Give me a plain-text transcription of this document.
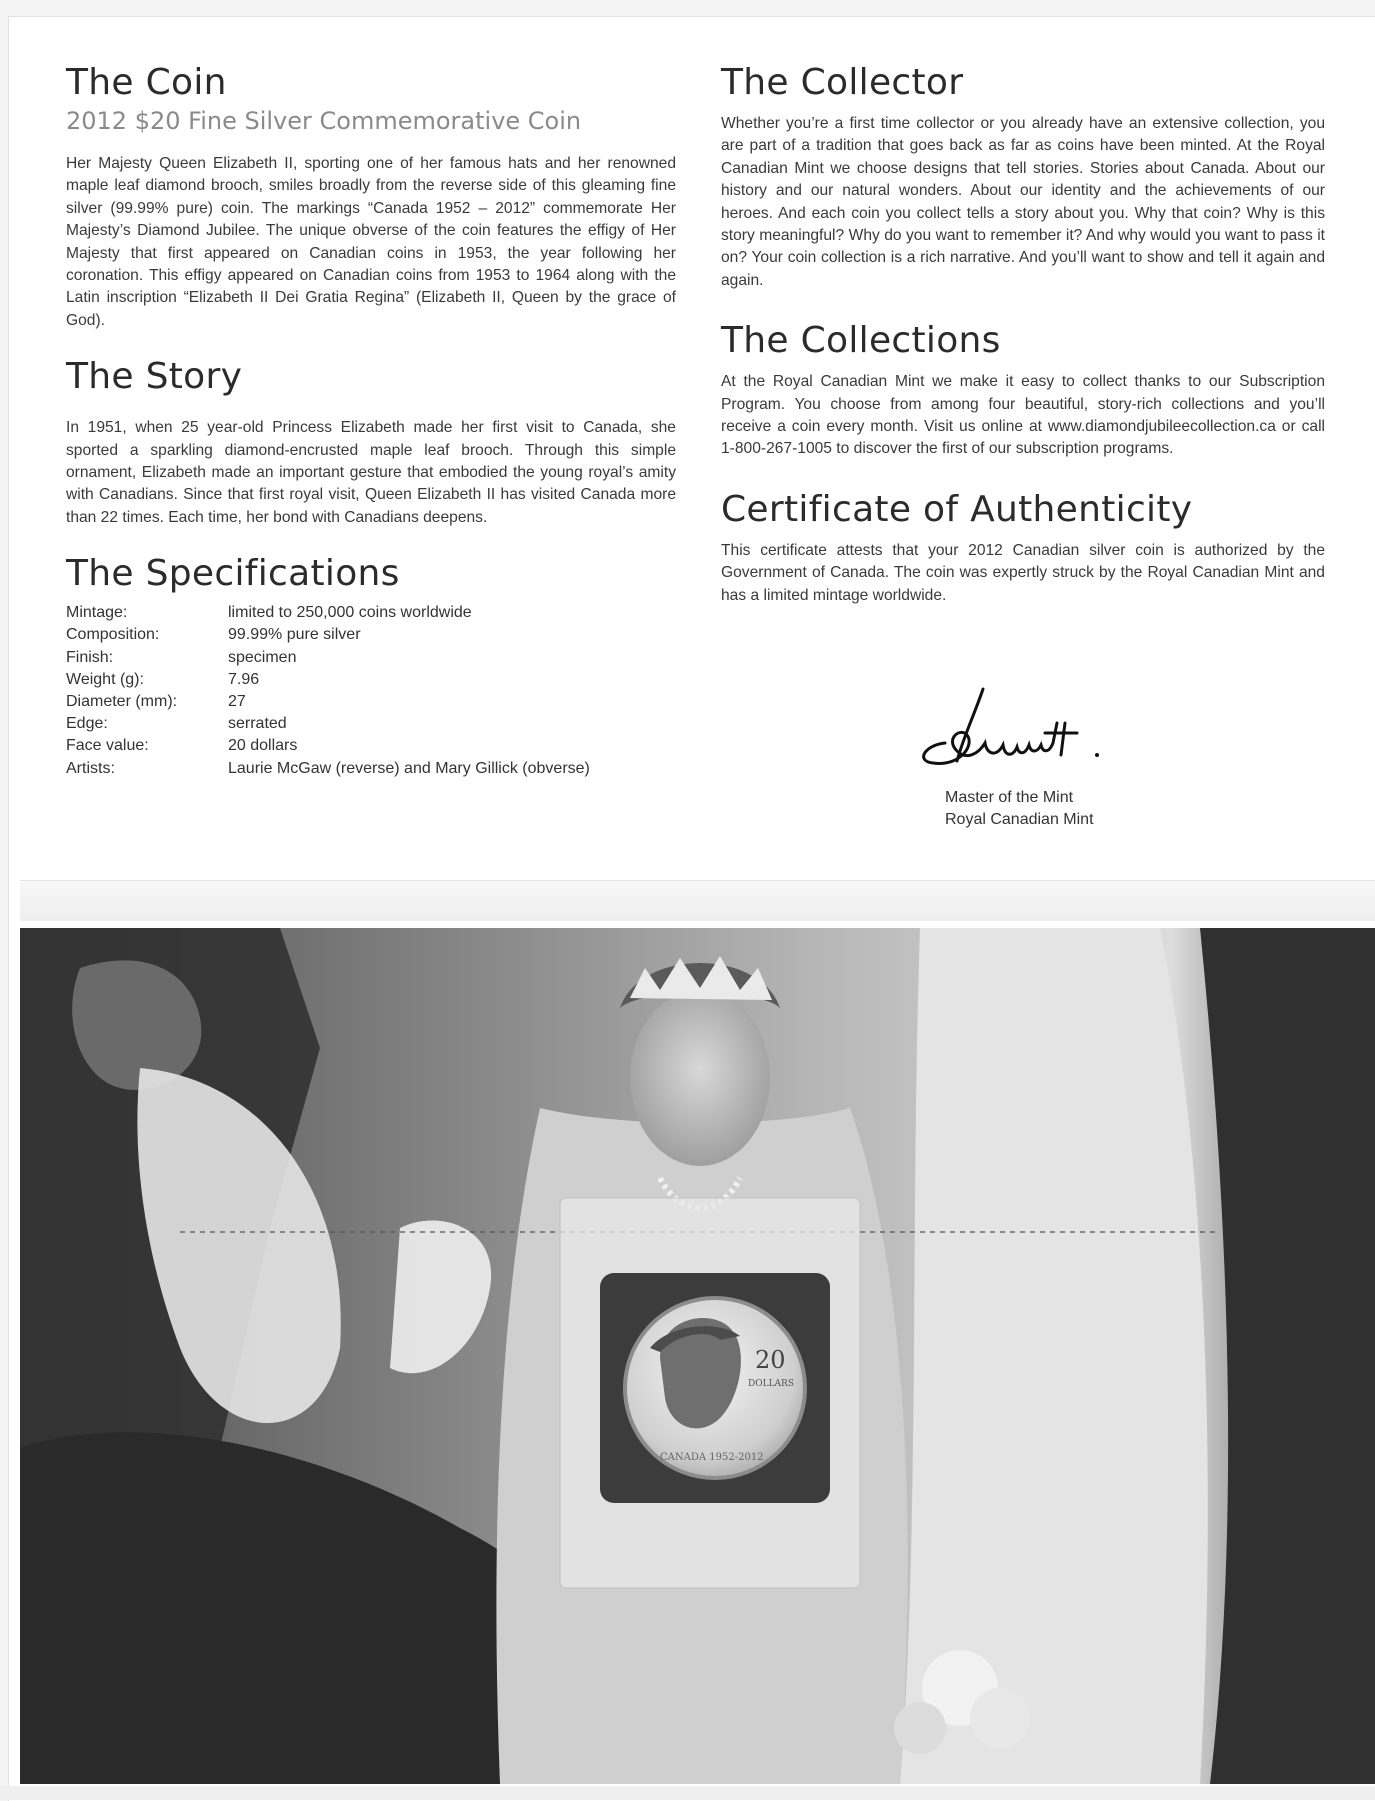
The Coin
2012 $20 Fine Silver Commemorative Coin

Her Majesty Queen Elizabeth II, sporting one of her famous hats and her renowned maple leaf diamond brooch, smiles broadly from the reverse side of this gleaming fine silver (99.99% pure) coin. The markings “Canada 1952 – 2012” commemorate Her Majesty’s Diamond Jubilee. The unique obverse of the coin features the effigy of Her Majesty that first appeared on Canadian coins in 1953, the year following her coronation. This effigy appeared on Canadian coins from 1953 to 1964 along with the Latin inscription “Elizabeth II Dei Gratia Regina” (Elizabeth II, Queen by the grace of God).

The Story

In 1951, when 25 year-old Princess Elizabeth made her first visit to Canada, she sported a sparkling diamond-encrusted maple leaf brooch. Through this simple ornament, Elizabeth made an important gesture that embodied the young royal’s amity with Canadians. Since that first royal visit, Queen Elizabeth II has visited Canada more than 22 times. Each time, her bond with Canadians deepens.

The Specifications
Mintage:	limited to 250,000 coins worldwide
Composition:	99.99% pure silver
Finish:	specimen
Weight (g):	7.96
Diameter (mm):	27
Edge:	serrated
Face value:	20 dollars
Artists:	Laurie McGaw (reverse) and Mary Gillick (obverse)
The Collector

Whether you’re a first time collector or you already have an extensive collection, you are part of a tradition that goes back as far as coins have been minted. At the Royal Canadian Mint we choose designs that tell stories. Stories about Canada. About our history and our natural wonders. About our identity and the achievements of our heroes. And each coin you collect tells a story about you. Why that coin? Why is this story meaningful? Why do you want to remember it? And why would you want to pass it on? Your coin collection is a rich narrative. And you’ll want to show and tell it again and again.

The Collections

At the Royal Canadian Mint we make it easy to collect thanks to our Subscription Program. You choose from among four beautiful, story-rich collections and you’ll receive a coin every month. Visit us online at www.diamondjubileecollection.ca or call 1-800-267-1005 to discover the first of our subscription programs.

Certificate of Authenticity

This certificate attests that your 2012 Canadian silver coin is authorized by the Government of Canada. The coin was expertly struck by the Royal Canadian Mint and has a limited mintage worldwide.

Master of the Mint
Royal Canadian Mint
20
DOLLARS
CANADA 1952-2012
